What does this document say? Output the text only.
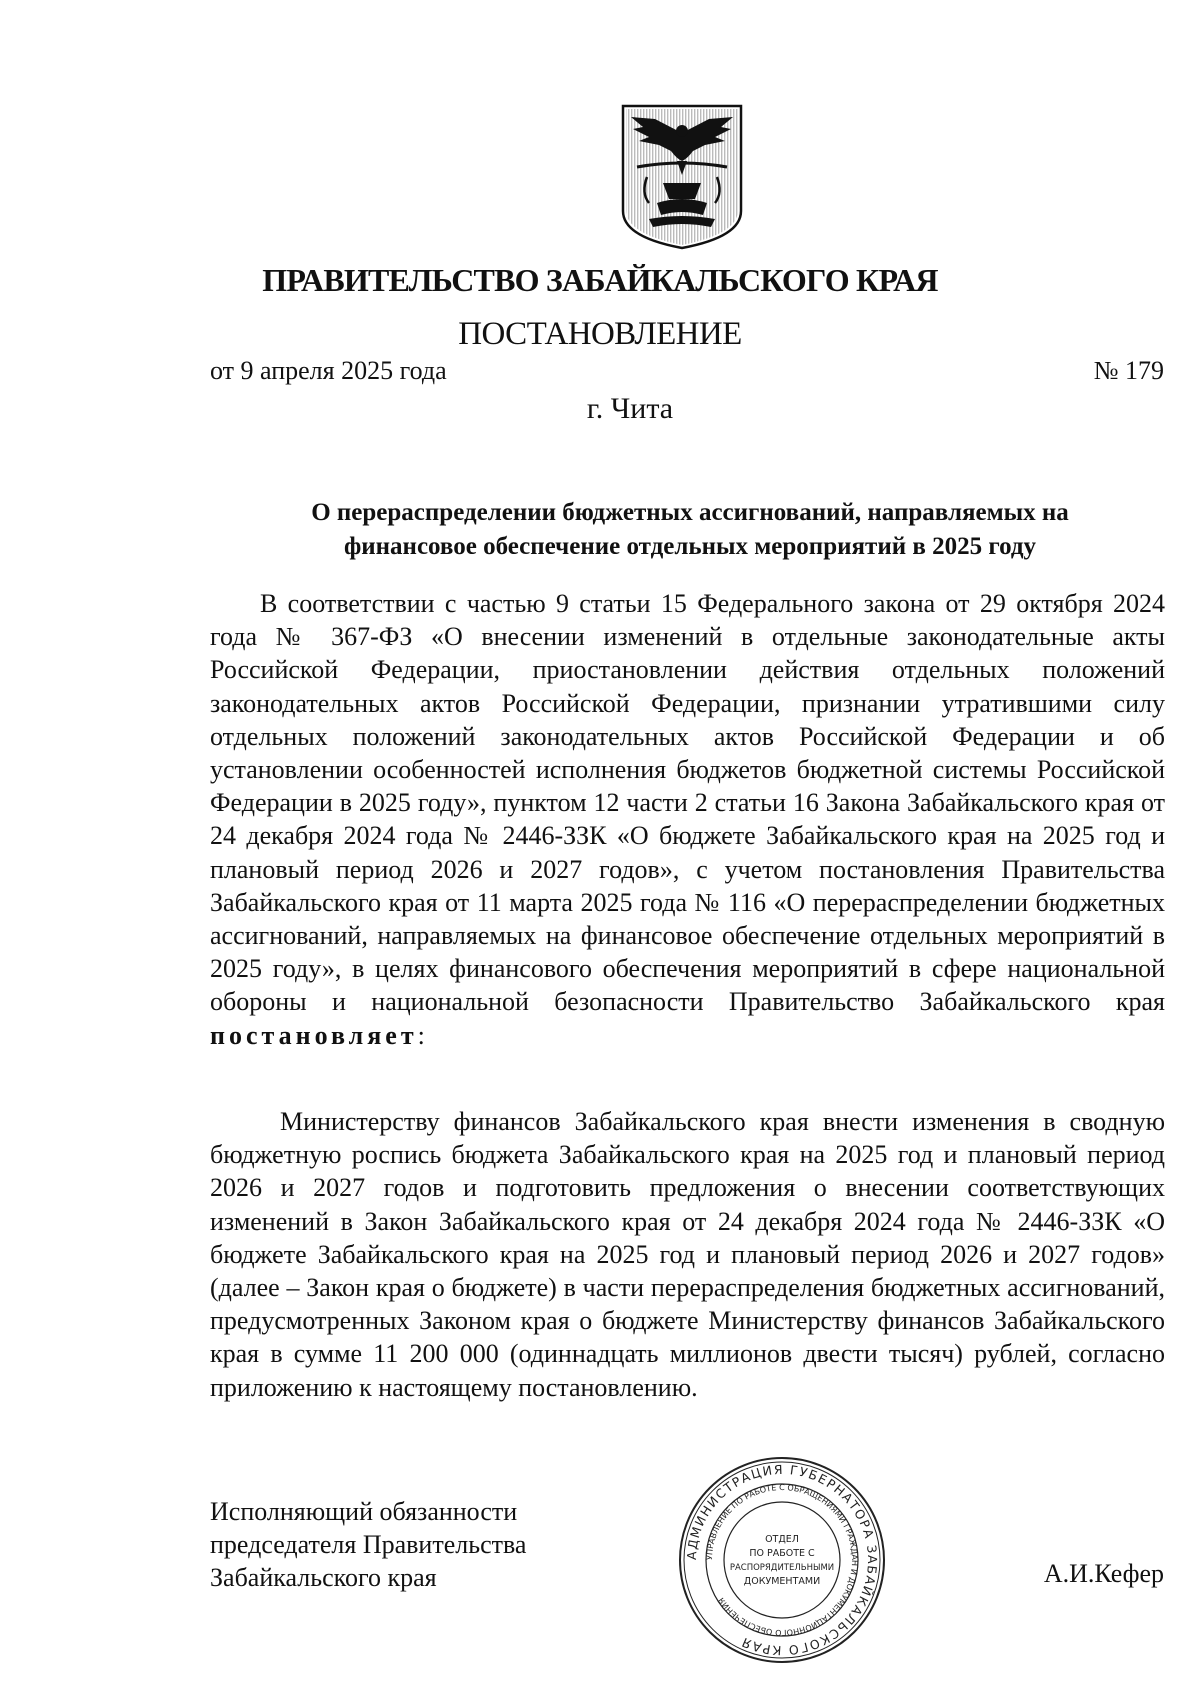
ПРАВИТЕЛЬСТВО ЗАБАЙКАЛЬСКОГО КРАЯ
ПОСТАНОВЛЕНИЕ
от 9 апреля 2025 года	№ 179
г. Чита
О перераспределении бюджетных ассигнований, направляемых на
финансовое обеспечение отдельных мероприятий в 2025 году

В соответствии с частью 9 статьи 15 Федерального закона от 29 октября 2024 года № 367-ФЗ «О внесении изменений в отдельные законодательные акты Российской Федерации, приостановлении действия отдельных положений законодательных актов Российской Федерации, признании утратившими силу отдельных положений законодательных актов Российской Федерации и об установлении особенностей исполнения бюджетов бюджетной системы Российской Федерации в 2025 году», пунктом 12 части 2 статьи 16 Закона Забайкальского края от 24 декабря 2024 года № 2446-ЗЗК «О бюджете Забайкальского края на 2025 год и плановый период 2026 и 2027 годов», с учетом постановления Правительства Забайкальского края от 11 марта 2025 года № 116 «О перераспределении бюджетных ассигнований, направляемых на финансовое обеспечение отдельных мероприятий в 2025 году», в целях финансового обеспечения мероприятий в сфере национальной обороны и национальной безопасности Правительство Забайкальского края постановляет:

Министерству финансов Забайкальского края внести изменения в сводную бюджетную роспись бюджета Забайкальского края на 2025 год и плановый период 2026 и 2027 годов и подготовить предложения о внесении соответствующих изменений в Закон Забайкальского края от 24 декабря 2024 года № 2446-ЗЗК «О бюджете Забайкальского края на 2025 год и плановый период 2026 и 2027 годов» (далее – Закон края о бюджете) в части перераспределения бюджетных ассигнований, предусмотренных Законом края о бюджете Министерству финансов Забайкальского края в сумме 11 200 000 (одиннадцать миллионов двести тысяч) рублей, согласно приложению к настоящему постановлению.

Исполняющий обязанности
председателя Правительства
Забайкальского края	А.И.Кефер
АДМИНИСТРАЦИЯ ГУБЕРНАТОРА ЗАБАЙКАЛЬСКОГО КРАЯ
УПРАВЛЕНИЕ ПО РАБОТЕ С ОБРАЩЕНИЯМИ ГРАЖДАН И ДОКУМЕНТАЦИОННОГО ОБЕСПЕЧЕНИЯ
ОТДЕЛ
ПО РАБОТЕ С
РАСПОРЯДИТЕЛЬНЫМИ
ДОКУМЕНТАМИ
